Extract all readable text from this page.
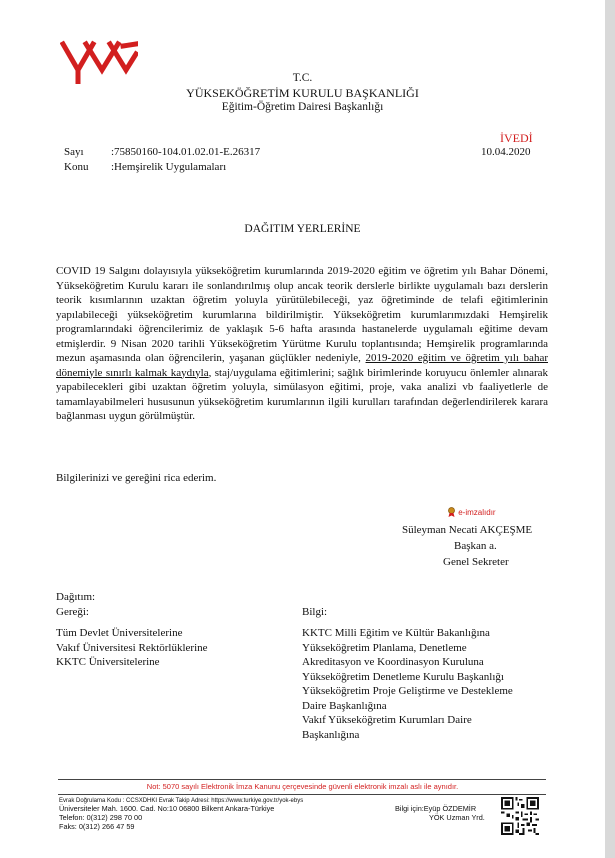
T.C.
YÜKSEKÖĞRETİM KURULU BAŞKANLIĞI
Eğitim-Öğretim Dairesi Başkanlığı
İVEDİ
Sayı :75850160-104.01.02.01-E.26317	10.04.2020
Konu :Hemşirelik Uygulamaları
DAĞITIM YERLERİNE
COVID 19 Salgını dolayısıyla yükseköğretim kurumlarında 2019-2020 eğitim ve öğretim yılı Bahar Dönemi, Yükseköğretim Kurulu kararı ile sonlandırılmış olup ancak teorik derslerle birlikte uygulamalı bazı derslerin teorik kısımlarının uzaktan öğretim yoluyla yürütülebileceği, yaz öğretiminde de telafi eğitimlerinin yapılabileceği yükseköğretim kurumlarına bildirilmiştir. Yükseköğretim kurumlarımızdaki Hemşirelik programlarındaki öğrencilerimiz de yaklaşık 5-6 hafta arasında hastanelerde uygulamalı eğitime devam etmişlerdir. 9 Nisan 2020 tarihli Yükseköğretim Yürütme Kurulu toplantısında; Hemşirelik programlarında mezun aşamasında olan öğrencilerin, yaşanan güçlükler nedeniyle, 2019-2020 eğitim ve öğretim yılı bahar dönemiyle sınırlı kalmak kaydıyla, staj/uygulama eğitimlerini; sağlık birimlerinde koruyucu önlemler alınarak yapabilecekleri gibi uzaktan öğretim yoluyla, simülasyon eğitimi, proje, vaka analizi vb faaliyetlerle de tamamlayabilmeleri hususunun yükseköğretim kurumlarının ilgili kurulları tarafından değerlendirilerek karara bağlanması uygun görülmüştür.
Bilgilerinizi ve gereğini rica ederim.
e-imzalıdır
Süleyman Necati AKÇEŞME
Başkan a.
Genel Sekreter
Dağıtım:
Gereği:
Tüm Devlet Üniversitelerine
Vakıf Üniversitesi Rektörlüklerine
KKTC Üniversitelerine
Bilgi:
KKTC Milli Eğitim ve Kültür Bakanlığına
Yükseköğretim Planlama, Denetleme
Akreditasyon ve Koordinasyon Kuruluna
Yükseköğretim Denetleme Kurulu Başkanlığı
Yükseköğretim Proje Geliştirme ve Destekleme
Daire Başkanlığına
Vakıf Yükseköğretim Kurumları Daire
Başkanlığına
Not: 5070 sayılı Elektronik İmza Kanunu çerçevesinde güvenli elektronik imzalı aslı ile aynıdır.
Evrak Doğrulama Kodu : CCSXDHKI Evrak Takip Adresi: https://www.turkiye.gov.tr/yok-ebys
Üniversiteler Mah. 1600. Cad. No:10 06800 Bilkent Ankara-Türkiye
Telefon: 0(312) 298 70 00
Faks: 0(312) 266 47 59
Bilgi için:Eyüp ÖZDEMİR
YÖK Uzman Yrd.
